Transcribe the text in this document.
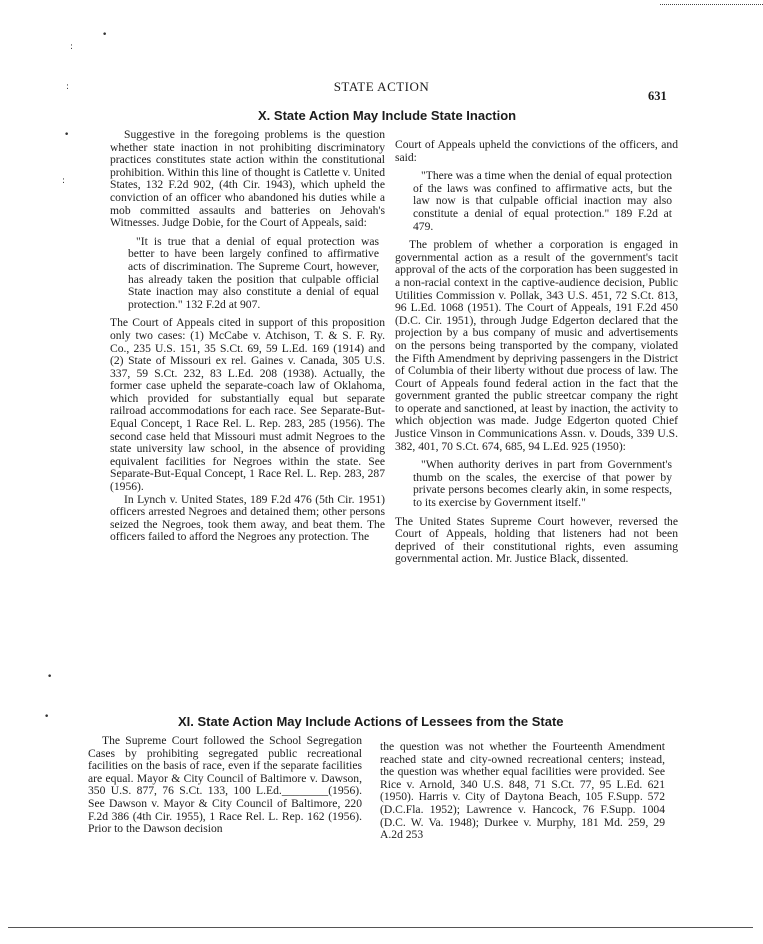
•
:
:
•
:
•
•
STATE ACTION
631
X. State Action May Include State Inaction

Suggestive in the foregoing problems is the question whether state inaction in not prohibiting discriminatory practices constitutes state action within the constitutional prohibition. Within this line of thought is Catlette v. United States, 132 F.2d 902, (4th Cir. 1943), which upheld the conviction of an officer who abandoned his duties while a mob committed assaults and batteries on Jehovah's Witnesses. Judge Dobie, for the Court of Appeals, said:

"It is true that a denial of equal protection was better to have been largely confined to affirmative acts of discrimination. The Supreme Court, however, has already taken the position that culpable official State inaction may also constitute a denial of equal protection." 132 F.2d at 907.

The Court of Appeals cited in support of this proposition only two cases: (1) McCabe v. Atchison, T. & S. F. Ry. Co., 235 U.S. 151, 35 S.Ct. 69, 59 L.Ed. 169 (1914) and (2) State of Missouri ex rel. Gaines v. Canada, 305 U.S. 337, 59 S.Ct. 232, 83 L.Ed. 208 (1938). Actually, the former case upheld the separate-coach law of Oklahoma, which provided for substantially equal but separate railroad accommodations for each race. See Separate-But-Equal Concept, 1 Race Rel. L. Rep. 283, 285 (1956). The second case held that Missouri must admit Negroes to the state university law school, in the absence of providing equivalent facilities for Negroes within the state. See Separate-But-Equal Concept, 1 Race Rel. L. Rep. 283, 287 (1956).

In Lynch v. United States, 189 F.2d 476 (5th Cir. 1951) officers arrested Negroes and detained them; other persons seized the Negroes, took them away, and beat them. The officers failed to afford the Negroes any protection. The

Court of Appeals upheld the convictions of the officers, and said:

"There was a time when the denial of equal protection of the laws was confined to affirmative acts, but the law now is that culpable official inaction may also constitute a denial of equal protection." 189 F.2d at 479.

The problem of whether a corporation is engaged in governmental action as a result of the government's tacit approval of the acts of the corporation has been suggested in a non-racial context in the captive-audience decision, Public Utilities Commission v. Pollak, 343 U.S. 451, 72 S.Ct. 813, 96 L.Ed. 1068 (1951). The Court of Appeals, 191 F.2d 450 (D.C. Cir. 1951), through Judge Edgerton declared that the projection by a bus company of music and advertisements on the persons being transported by the company, violated the Fifth Amendment by depriving passengers in the District of Columbia of their liberty without due process of law. The Court of Appeals found federal action in the fact that the government granted the public streetcar company the right to operate and sanctioned, at least by inaction, the activity to which objection was made. Judge Edgerton quoted Chief Justice Vinson in Communications Assn. v. Douds, 339 U.S. 382, 401, 70 S.Ct. 674, 685, 94 L.Ed. 925 (1950):

"When authority derives in part from Government's thumb on the scales, the exercise of that power by private persons becomes clearly akin, in some respects, to its exercise by Government itself."

The United States Supreme Court however, reversed the Court of Appeals, holding that listeners had not been deprived of their constitutional rights, even assuming governmental action. Mr. Justice Black, dissented.

XI. State Action May Include Actions of Lessees from the State

The Supreme Court followed the School Segregation Cases by prohibiting segregated public recreational facilities on the basis of race, even if the separate facilities are equal. Mayor & City Council of Baltimore v. Dawson, 350 U.S. 877, 76 S.Ct. 133, 100 L.Ed.________(1956). See Dawson v. Mayor & City Council of Baltimore, 220 F.2d 386 (4th Cir. 1955), 1 Race Rel. L. Rep. 162 (1956). Prior to the Dawson decision

the question was not whether the Fourteenth Amendment reached state and city-owned recreational centers; instead, the question was whether equal facilities were provided. See Rice v. Arnold, 340 U.S. 848, 71 S.Ct. 77, 95 L.Ed. 621 (1950). Harris v. City of Daytona Beach, 105 F.Supp. 572 (D.C.Fla. 1952); Lawrence v. Hancock, 76 F.Supp. 1004 (D.C. W. Va. 1948); Durkee v. Murphy, 181 Md. 259, 29 A.2d 253
